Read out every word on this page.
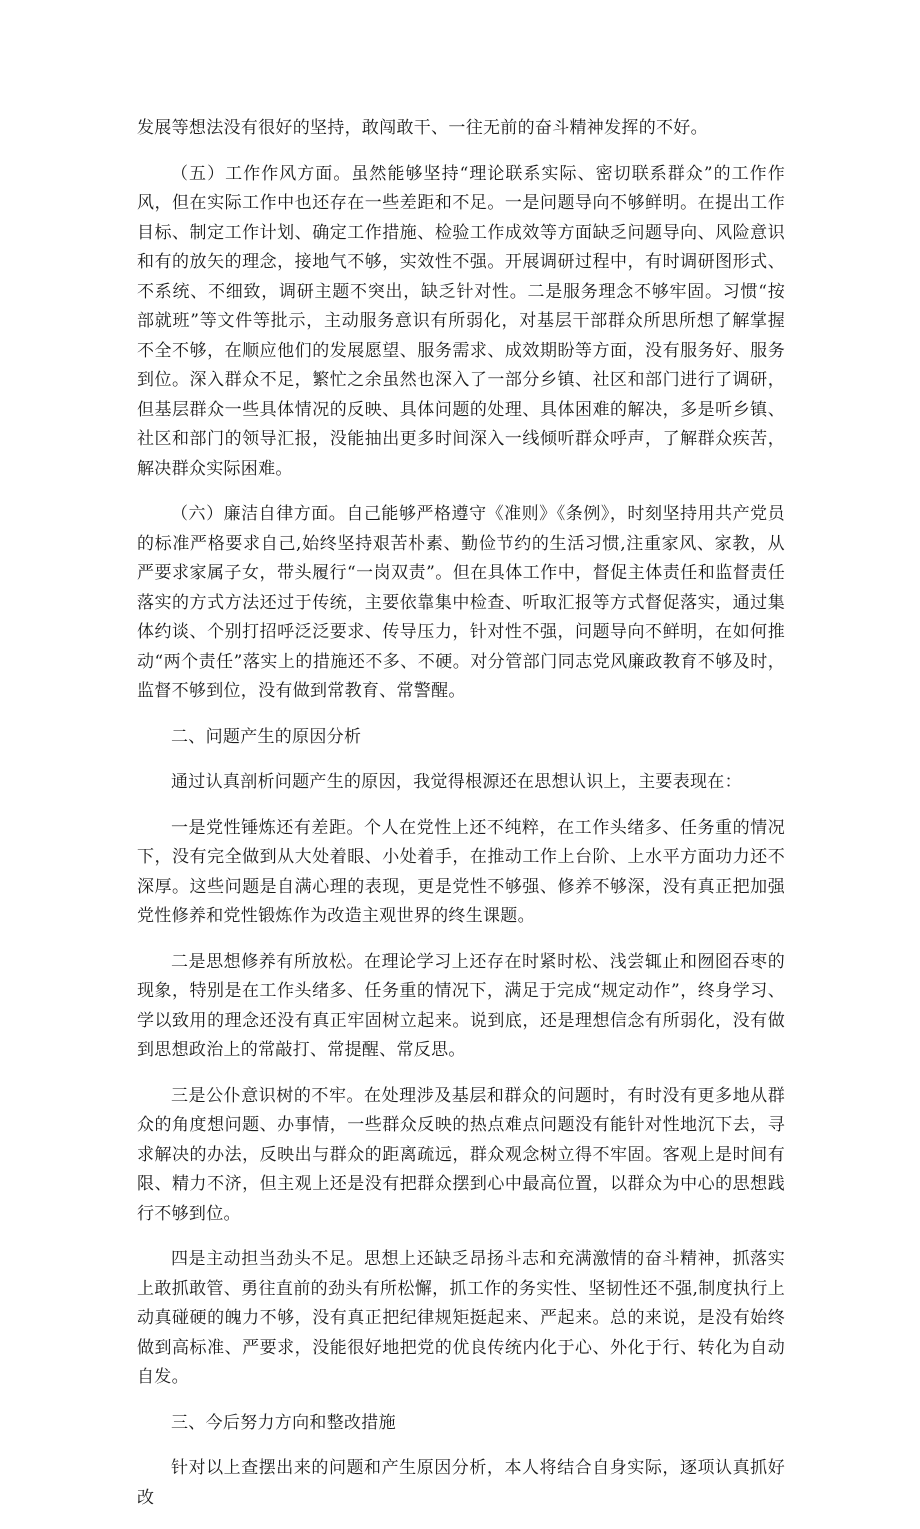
发展等想法没有很好的坚持，敢闯敢干、一往无前的奋斗精神发挥的不好。

（五）工作作风方面。虽然能够坚持“理论联系实际、密切联系群众”的工作作风，但在实际工作中也还存在一些差距和不足。一是问题导向不够鲜明。在提出工作目标、制定工作计划、确定工作措施、检验工作成效等方面缺乏问题导向、风险意识和有的放矢的理念，接地气不够，实效性不强。开展调研过程中，有时调研图形式、不系统、不细致，调研主题不突出，缺乏针对性。二是服务理念不够牢固。习惯“按部就班”等文件等批示，主动服务意识有所弱化，对基层干部群众所思所想了解掌握不全不够，在顺应他们的发展愿望、服务需求、成效期盼等方面，没有服务好、服务到位。深入群众不足，繁忙之余虽然也深入了一部分乡镇、社区和部门进行了调研，但基层群众一些具体情况的反映、具体问题的处理、具体困难的解决，多是听乡镇、社区和部门的领导汇报，没能抽出更多时间深入一线倾听群众呼声，了解群众疾苦，解决群众实际困难。

（六）廉洁自律方面。自己能够严格遵守《准则》《条例》，时刻坚持用共产党员的标准严格要求自己,始终坚持艰苦朴素、勤俭节约的生活习惯,注重家风、家教，从严要求家属子女，带头履行“一岗双责”。但在具体工作中，督促主体责任和监督责任落实的方式方法还过于传统，主要依靠集中检查、听取汇报等方式督促落实，通过集体约谈、个别打招呼泛泛要求、传导压力，针对性不强，问题导向不鲜明，在如何推动“两个责任”落实上的措施还不多、不硬。对分管部门同志党风廉政教育不够及时，监督不够到位，没有做到常教育、常警醒。

二、问题产生的原因分析

通过认真剖析问题产生的原因，我觉得根源还在思想认识上，主要表现在：

一是党性锤炼还有差距。个人在党性上还不纯粹，在工作头绪多、任务重的情况下，没有完全做到从大处着眼、小处着手，在推动工作上台阶、上水平方面功力还不深厚。这些问题是自满心理的表现，更是党性不够强、修养不够深，没有真正把加强党性修养和党性锻炼作为改造主观世界的终生课题。

二是思想修养有所放松。在理论学习上还存在时紧时松、浅尝辄止和囫囵吞枣的现象，特别是在工作头绪多、任务重的情况下，满足于完成“规定动作”，终身学习、学以致用的理念还没有真正牢固树立起来。说到底，还是理想信念有所弱化，没有做到思想政治上的常敲打、常提醒、常反思。

三是公仆意识树的不牢。在处理涉及基层和群众的问题时，有时没有更多地从群众的角度想问题、办事情，一些群众反映的热点难点问题没有能针对性地沉下去，寻求解决的办法，反映出与群众的距离疏远，群众观念树立得不牢固。客观上是时间有限、精力不济，但主观上还是没有把群众摆到心中最高位置，以群众为中心的思想践行不够到位。

四是主动担当劲头不足。思想上还缺乏昂扬斗志和充满激情的奋斗精神，抓落实上敢抓敢管、勇往直前的劲头有所松懈，抓工作的务实性、坚韧性还不强,制度执行上动真碰硬的魄力不够，没有真正把纪律规矩挺起来、严起来。总的来说，是没有始终做到高标准、严要求，没能很好地把党的优良传统内化于心、外化于行、转化为自动自发。

三、今后努力方向和整改措施

针对以上查摆出来的问题和产生原因分析，本人将结合自身实际，逐项认真抓好改
